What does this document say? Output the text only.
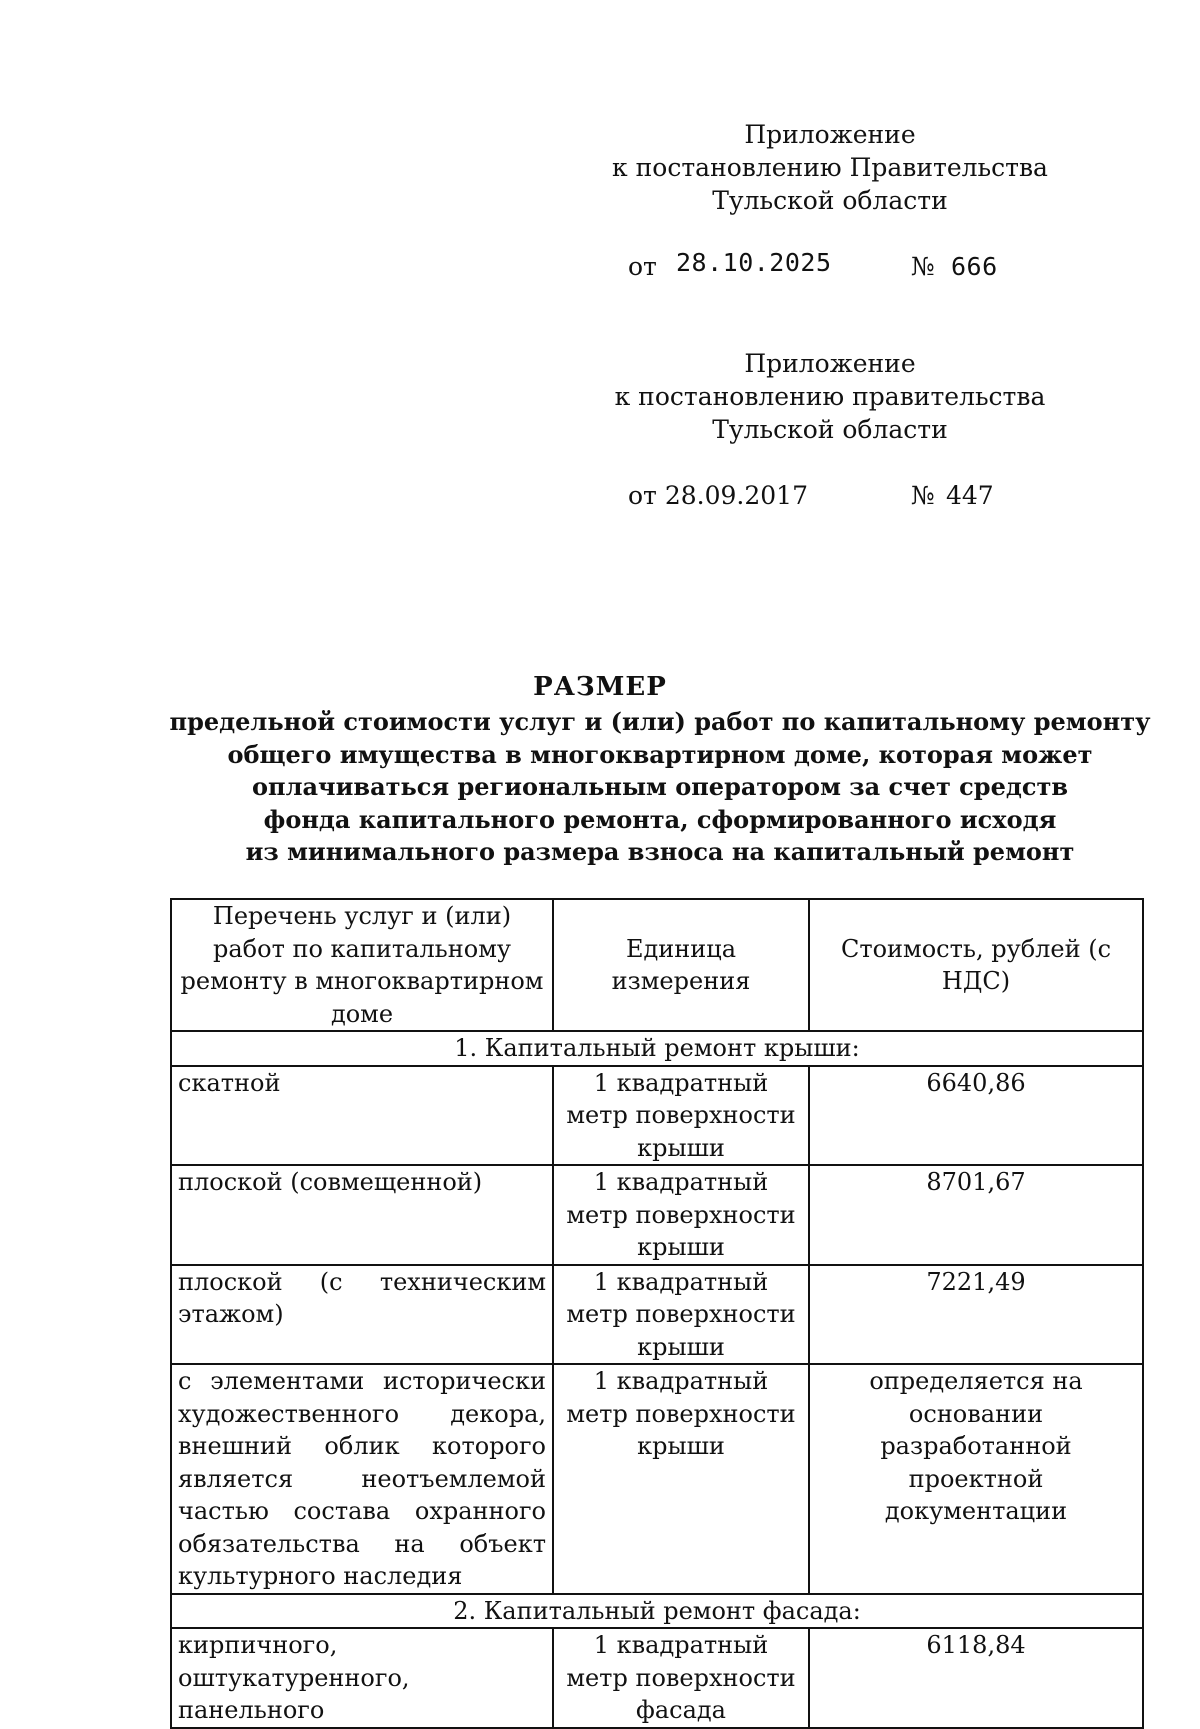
Приложение
к постановлению Правительства
Тульской области
от 28.10.2025	№ 666
Приложение
к постановлению правительства
Тульской области
от 28.09.2017	№ 447
РАЗМЕР
предельной стоимости услуг и (или) работ по капитальному ремонту
общего имущества в многоквартирном доме, которая может
оплачиваться региональным оператором за счет средств
фонда капитального ремонта, сформированного исходя
из минимального размера взноса на капитальный ремонт
Перечень услуг и (или) работ по капитальному ремонту в многоквартирном доме	Единица измерения	Стоимость, рублей (с НДС)
1. Капитальный ремонт крыши:		
скатной	1 квадратный метр поверхности крыши	6640,86
плоской (совмещенной)	1 квадратный метр поверхности крыши	8701,67
плоской (с техническим этажом)	1 квадратный метр поверхности крыши	7221,49
с элементами исторически художественного декора, внешний облик которого является неотъемлемой частью состава охранного обязательства на объект культурного наследия	1 квадратный метр поверхности крыши	определяется на основании разработанной проектной документации
2. Капитальный ремонт фасада:		
кирпичного, оштукатуренного, панельного	1 квадратный метр поверхности фасада	6118,84
